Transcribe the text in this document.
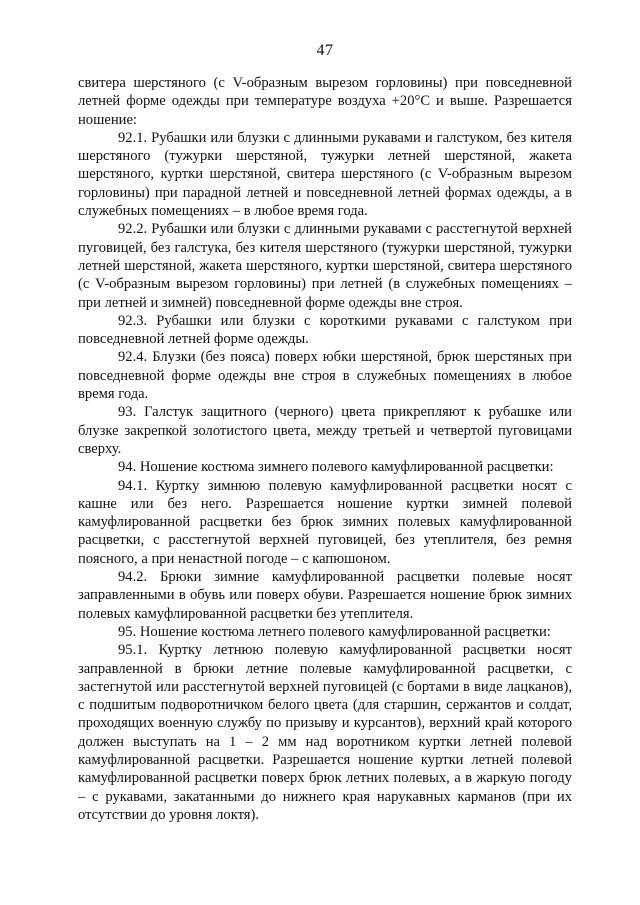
47

свитера шерстяного (с V-образным вырезом горловины) при повседневной летней форме одежды при температуре воздуха +20°С и выше. Разрешается ношение:

92.1. Рубашки или блузки с длинными рукавами и галстуком, без кителя шерстяного (тужурки шерстяной, тужурки летней шерстяной, жакета шерстяного, куртки шерстяной, свитера шерстяного (с V-образным вырезом горловины) при парадной летней и повседневной летней формах одежды, а в служебных помещениях – в любое время года.

92.2. Рубашки или блузки с длинными рукавами с расстегнутой верхней пуговицей, без галстука, без кителя шерстяного (тужурки шерстяной, тужурки летней шерстяной, жакета шерстяного, куртки шерстяной, свитера шерстяного (с V-образным вырезом горловины) при летней (в служебных помещениях – при летней и зимней) повседневной форме одежды вне строя.

92.3. Рубашки или блузки с короткими рукавами с галстуком при повседневной летней форме одежды.

92.4. Блузки (без пояса) поверх юбки шерстяной, брюк шерстяных при повседневной форме одежды вне строя в служебных помещениях в любое время года.

93. Галстук защитного (черного) цвета прикрепляют к рубашке или блузке закрепкой золотистого цвета, между третьей и четвертой пуговицами сверху.

94. Ношение костюма зимнего полевого камуфлированной расцветки:

94.1. Куртку зимнюю полевую камуфлированной расцветки носят с кашне или без него. Разрешается ношение куртки зимней полевой камуфлированной расцветки без брюк зимних полевых камуфлированной расцветки, с расстегнутой верхней пуговицей, без утеплителя, без ремня поясного, а при ненастной погоде – с капюшоном.

94.2. Брюки зимние камуфлированной расцветки полевые носят заправленными в обувь или поверх обуви. Разрешается ношение брюк зимних полевых камуфлированной расцветки без утеплителя.

95. Ношение костюма летнего полевого камуфлированной расцветки:

95.1. Куртку летнюю полевую камуфлированной расцветки носят заправленной в брюки летние полевые камуфлированной расцветки, с застегнутой или расстегнутой верхней пуговицей (с бортами в виде лацканов), с подшитым подворотничком белого цвета (для старшин, сержантов и солдат, проходящих военную службу по призыву и курсантов), верхний край которого должен выступать на 1 – 2 мм над воротником куртки летней полевой камуфлированной расцветки. Разрешается ношение куртки летней полевой камуфлированной расцветки поверх брюк летних полевых, а в жаркую погоду – с рукавами, закатанными до нижнего края нарукавных карманов (при их отсутствии до уровня локтя).
